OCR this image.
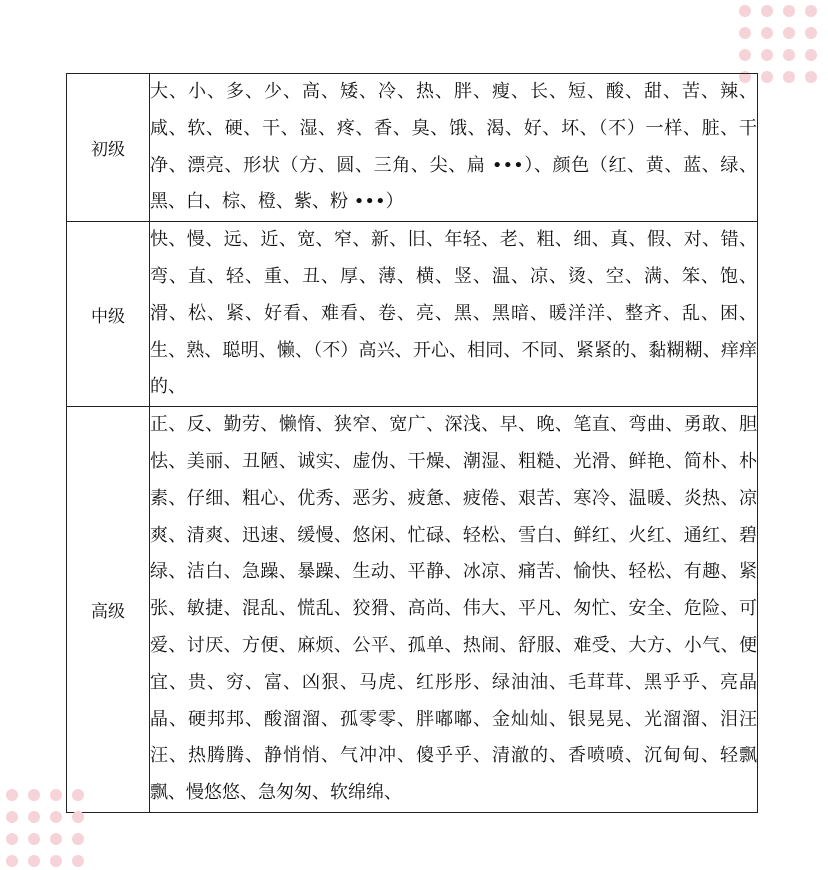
初级	大、小、多、少、高、矮、冷、热、胖、瘦、长、短、酸、甜、苦、辣、咸、软、硬、干、湿、疼、香、臭、饿、渴、好、坏、（不）一样、脏、干净、漂亮、形状（方、圆、三角、尖、扁 •••）、颜色（红、黄、蓝、绿、黑、白、棕、橙、紫、粉 •••）
中级	快、慢、远、近、宽、窄、新、旧、年轻、老、粗、细、真、假、对、错、弯、直、轻、重、丑、厚、薄、横、竖、温、凉、烫、空、满、笨、饱、滑、松、紧、好看、难看、卷、亮、黑、黑暗、暖洋洋、整齐、乱、困、生、熟、聪明、懒、（不）高兴、开心、相同、不同、紧紧的、黏糊糊、痒痒的、
高级	正、反、勤劳、懒惰、狭窄、宽广、深浅、早、晚、笔直、弯曲、勇敢、胆怯、美丽、丑陋、诚实、虚伪、干燥、潮湿、粗糙、光滑、鲜艳、简朴、朴素、仔细、粗心、优秀、恶劣、疲惫、疲倦、艰苦、寒冷、温暖、炎热、凉爽、清爽、迅速、缓慢、悠闲、忙碌、轻松、雪白、鲜红、火红、通红、碧绿、洁白、急躁、暴躁、生动、平静、冰凉、痛苦、愉快、轻松、有趣、紧张、敏捷、混乱、慌乱、狡猾、高尚、伟大、平凡、匆忙、安全、危险、可爱、讨厌、方便、麻烦、公平、孤单、热闹、舒服、难受、大方、小气、便宜、贵、穷、富、凶狠、马虎、红彤彤、绿油油、毛茸茸、黑乎乎、亮晶晶、硬邦邦、酸溜溜、孤零零、胖嘟嘟、金灿灿、银晃晃、光溜溜、泪汪汪、热腾腾、静悄悄、气冲冲、傻乎乎、清澈的、香喷喷、沉甸甸、轻飘飘、慢悠悠、急匆匆、软绵绵、
